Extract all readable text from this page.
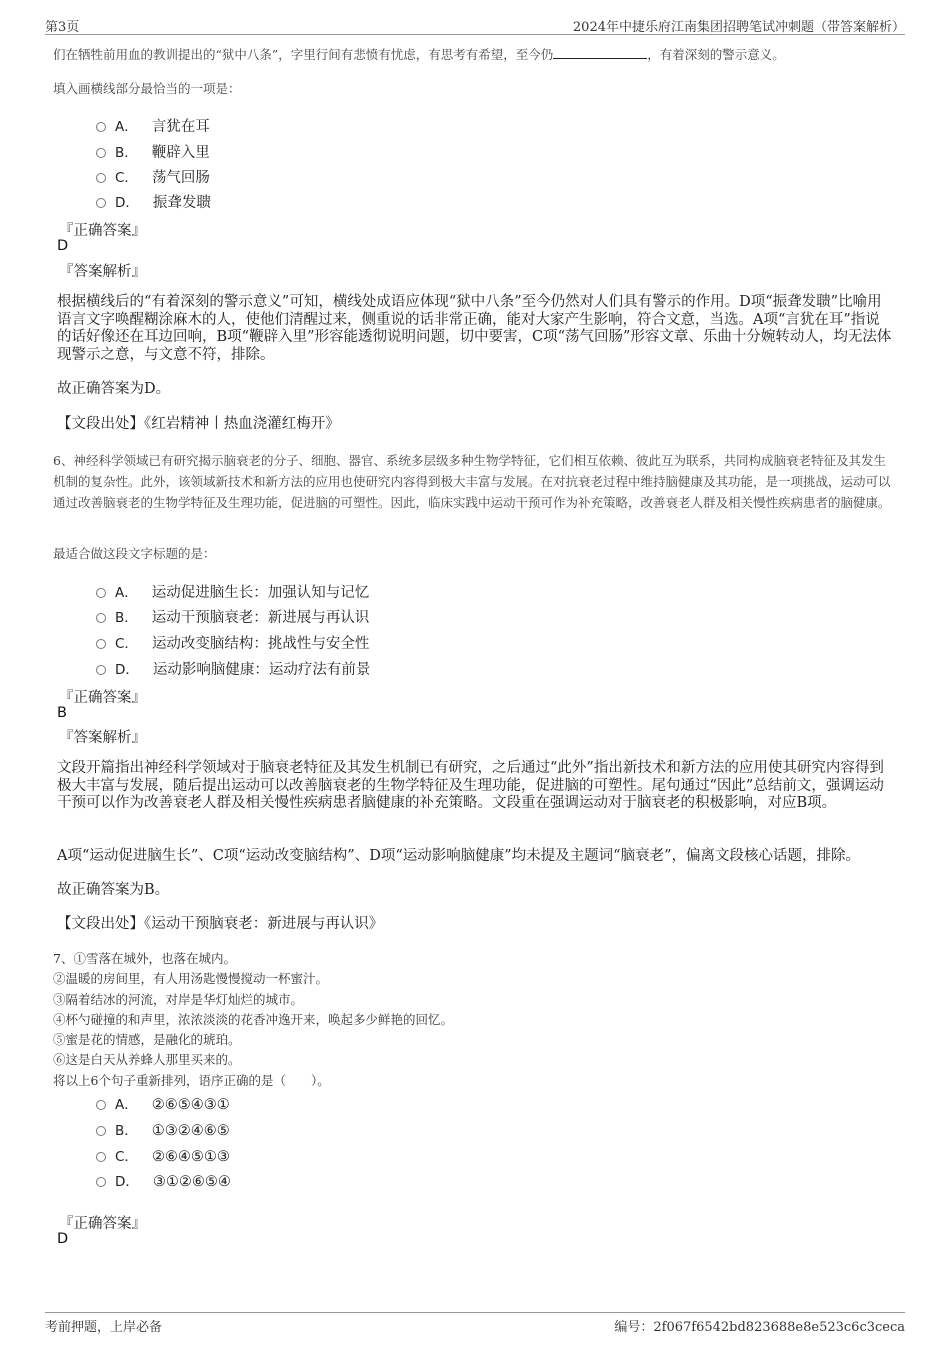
第3页	2024年中捷乐府江南集团招聘笔试冲刺题（带答案解析）
们在牺牲前用血的教训提出的“狱中八条”，字里行间有悲愤有忧虑，有思考有希望，至今仍	，有着深刻的警示意义。
填入画横线部分最恰当的一项是：
A． 言犹在耳
B． 鞭辟入里
C． 荡气回肠
D． 振聋发聩
『正确答案』
D
『答案解析』
根据横线后的“有着深刻的警示意义”可知，横线处成语应体现“狱中八条”至今仍然对人们具有警示的作用。D项“振聋发聩”比喻用语言文字唤醒糊涂麻木的人，使他们清醒过来，侧重说的话非常正确，能对大家产生影响，符合文意，当选。A项“言犹在耳”指说的话好像还在耳边回响，B项“鞭辟入里”形容能透彻说明问题，切中要害，C项“荡气回肠”形容文章、乐曲十分婉转动人，均无法体现警示之意，与文意不符，排除。
故正确答案为D。
【文段出处】《红岩精神丨热血浇灌红梅开》
6、神经科学领域已有研究揭示脑衰老的分子、细胞、器官、系统多层级多种生物学特征，它们相互依赖、彼此互为联系，共同构成脑衰老特征及其发生机制的复杂性。此外，该领域新技术和新方法的应用也使研究内容得到极大丰富与发展。在对抗衰老过程中维持脑健康及其功能，是一项挑战，运动可以通过改善脑衰老的生物学特征及生理功能，促进脑的可塑性。因此，临床实践中运动干预可作为补充策略，改善衰老人群及相关慢性疾病患者的脑健康。
最适合做这段文字标题的是：
A． 运动促进脑生长：加强认知与记忆
B． 运动干预脑衰老：新进展与再认识
C． 运动改变脑结构：挑战性与安全性
D． 运动影响脑健康：运动疗法有前景
『正确答案』
B
『答案解析』
文段开篇指出神经科学领域对于脑衰老特征及其发生机制已有研究，之后通过“此外”指出新技术和新方法的应用使其研究内容得到极大丰富与发展，随后提出运动可以改善脑衰老的生物学特征及生理功能，促进脑的可塑性。尾句通过“因此”总结前文，强调运动干预可以作为改善衰老人群及相关慢性疾病患者脑健康的补充策略。文段重在强调运动对于脑衰老的积极影响，对应B项。
A项“运动促进脑生长”、C项“运动改变脑结构”、D项“运动影响脑健康”均未提及主题词“脑衰老”，偏离文段核心话题，排除。
故正确答案为B。
【文段出处】《运动干预脑衰老：新进展与再认识》
7、①雪落在城外，也落在城内。
②温暖的房间里，有人用汤匙慢慢搅动一杯蜜汁。
③隔着结冰的河流，对岸是华灯灿烂的城市。
④杯勺碰撞的和声里，浓浓淡淡的花香冲逸开来，唤起多少鲜艳的回忆。
⑤蜜是花的情感，是融化的琥珀。
⑥这是白天从养蜂人那里买来的。
将以上6个句子重新排列，语序正确的是（　　）。
A． ②⑥⑤④③①
B． ①③②④⑥⑤
C． ②⑥④⑤①③
D． ③①②⑥⑤④
『正确答案』
D
考前押题，上岸必备	编号：2f067f6542bd823688e8e523c6c3ceca
